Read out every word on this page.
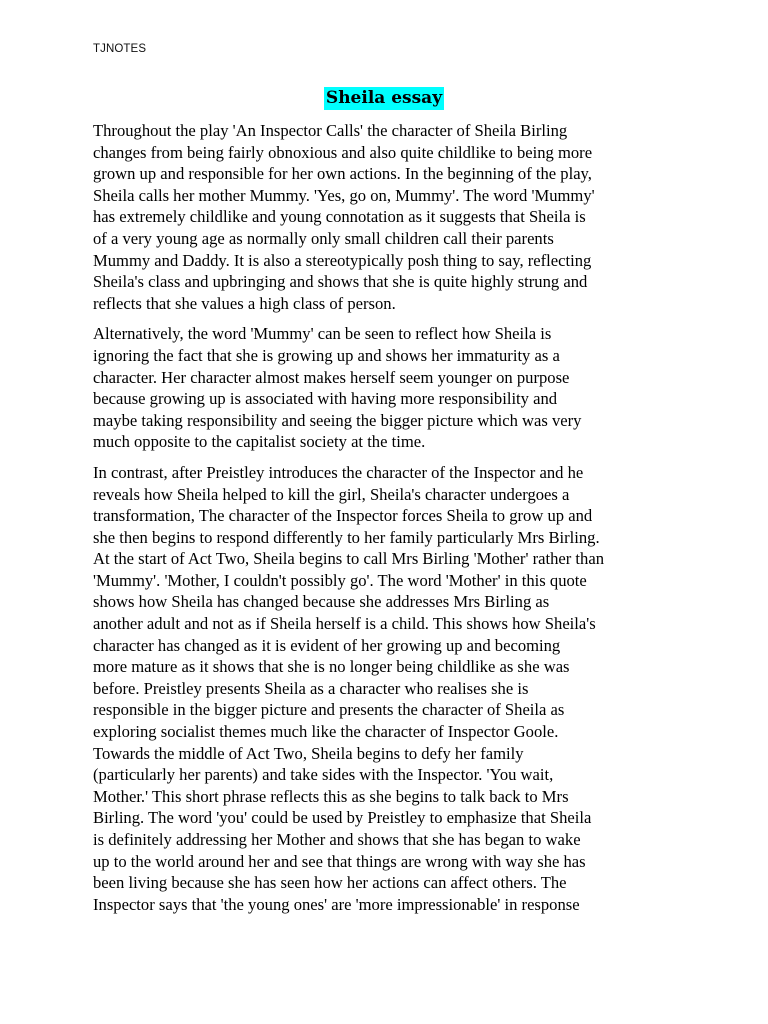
TJNOTES
Sheila essay

Throughout the play 'An Inspector Calls' the character of Sheila Birling
changes from being fairly obnoxious and also quite childlike to being more
grown up and responsible for her own actions. In the beginning of the play,
Sheila calls her mother Mummy. 'Yes, go on, Mummy'. The word 'Mummy'
has extremely childlike and young connotation as it suggests that Sheila is
of a very young age as normally only small children call their parents
Mummy and Daddy. It is also a stereotypically posh thing to say, reflecting
Sheila's class and upbringing and shows that she is quite highly strung and
reflects that she values a high class of person.

Alternatively, the word 'Mummy' can be seen to reflect how Sheila is
ignoring the fact that she is growing up and shows her immaturity as a
character. Her character almost makes herself seem younger on purpose
because growing up is associated with having more responsibility and
maybe taking responsibility and seeing the bigger picture which was very
much opposite to the capitalist society at the time.

In contrast, after Preistley introduces the character of the Inspector and he
reveals how Sheila helped to kill the girl, Sheila's character undergoes a
transformation, The character of the Inspector forces Sheila to grow up and
she then begins to respond differently to her family particularly Mrs Birling.
At the start of Act Two, Sheila begins to call Mrs Birling 'Mother' rather than
'Mummy'. 'Mother, I couldn't possibly go'. The word 'Mother' in this quote
shows how Sheila has changed because she addresses Mrs Birling as
another adult and not as if Sheila herself is a child. This shows how Sheila's
character has changed as it is evident of her growing up and becoming
more mature as it shows that she is no longer being childlike as she was
before. Preistley presents Sheila as a character who realises she is
responsible in the bigger picture and presents the character of Sheila as
exploring socialist themes much like the character of Inspector Goole.
Towards the middle of Act Two, Sheila begins to defy her family
(particularly her parents) and take sides with the Inspector. 'You wait,
Mother.' This short phrase reflects this as she begins to talk back to Mrs
Birling. The word 'you' could be used by Preistley to emphasize that Sheila
is definitely addressing her Mother and shows that she has began to wake
up to the world around her and see that things are wrong with way she has
been living because she has seen how her actions can affect others. The
Inspector says that 'the young ones' are 'more impressionable' in response
